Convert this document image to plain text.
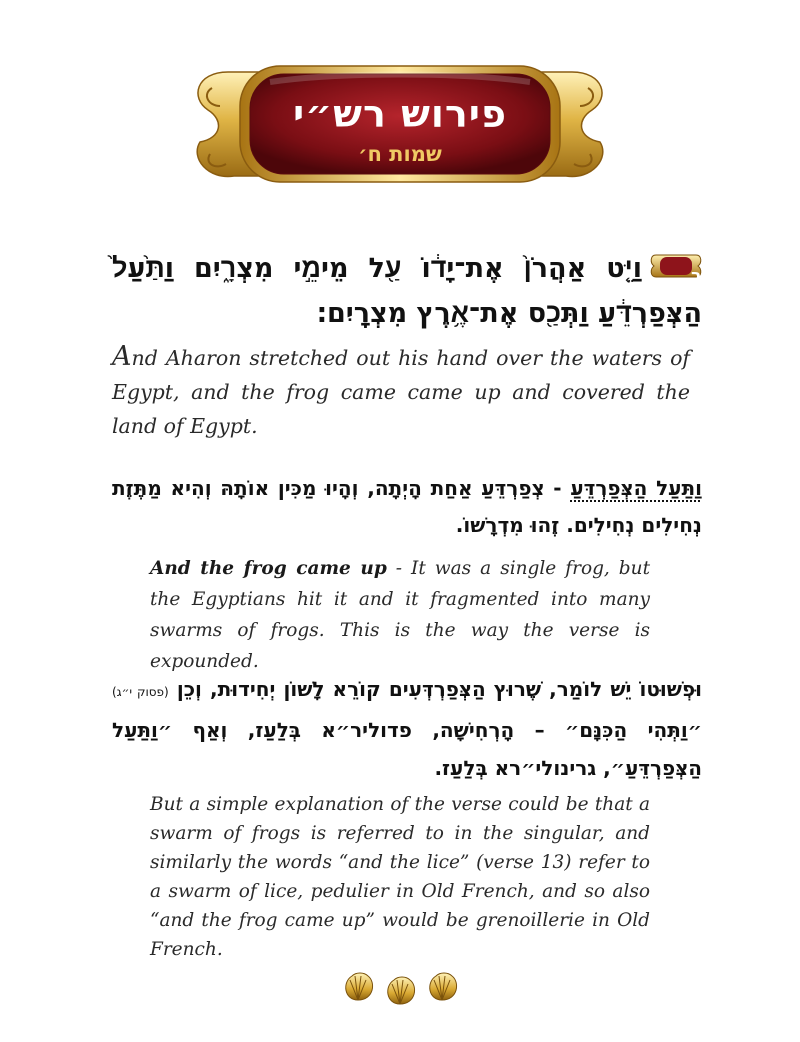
פירוש רש״י
שמות ח׳
ב
וַיֵּ֤ט אַהֲרֹן֙ אֶת־יָד֔וֹ עַ֖ל מֵימֵ֣י מִצְרָ֑יִם וַתַּ֙עַל֙ הַצְּפַרְדֵּ֔עַ וַתְּכַ֖ס אֶת־אֶ֥רֶץ מִצְרָֽיִם׃
And Aharon stretched out his hand over the waters of Egypt, and the frog came came up and covered the land of Egypt.
וַתַּעַל הַצְּפַרְדֵּעַ - צְפַרְדֵּעַ אַחַת הָיְתָה, וְהָיוּ מַכִּין אוֹתָהּ וְהִיא מַתֶּזֶת נְחִילִים נְחִילִים. זֶהוּ מִדְרָשׁוֹ.
And the frog came up - It was a single frog, but the Egyptians hit it and it fragmented into many swarms of frogs. This is the way the verse is expounded.
וּפְשׁוּטוֹ יֵשׁ לוֹמַר, שֶׁרוּץ הַצְּפַרְדְּעִים קוֹרֵא לָשׁוֹן יְחִידוּת, וְכֵן (פסוק י״ג) ״וַתְּהִי הַכִּנָּם״ – הָרְחִישָׁה, פדוליר״א בְּלַעַז, וְאַף ״וַתַּעַל הַצְּפַרְדֵּעַ״, גרינולי״רא בְּלַעַז.
But a simple explanation of the verse could be that a swarm of frogs is referred to in the singular, and similarly the words “and the lice” (verse 13) refer to a swarm of lice, pedulier in Old French, and so also “and the frog came up” would be grenoillerie in Old French.
